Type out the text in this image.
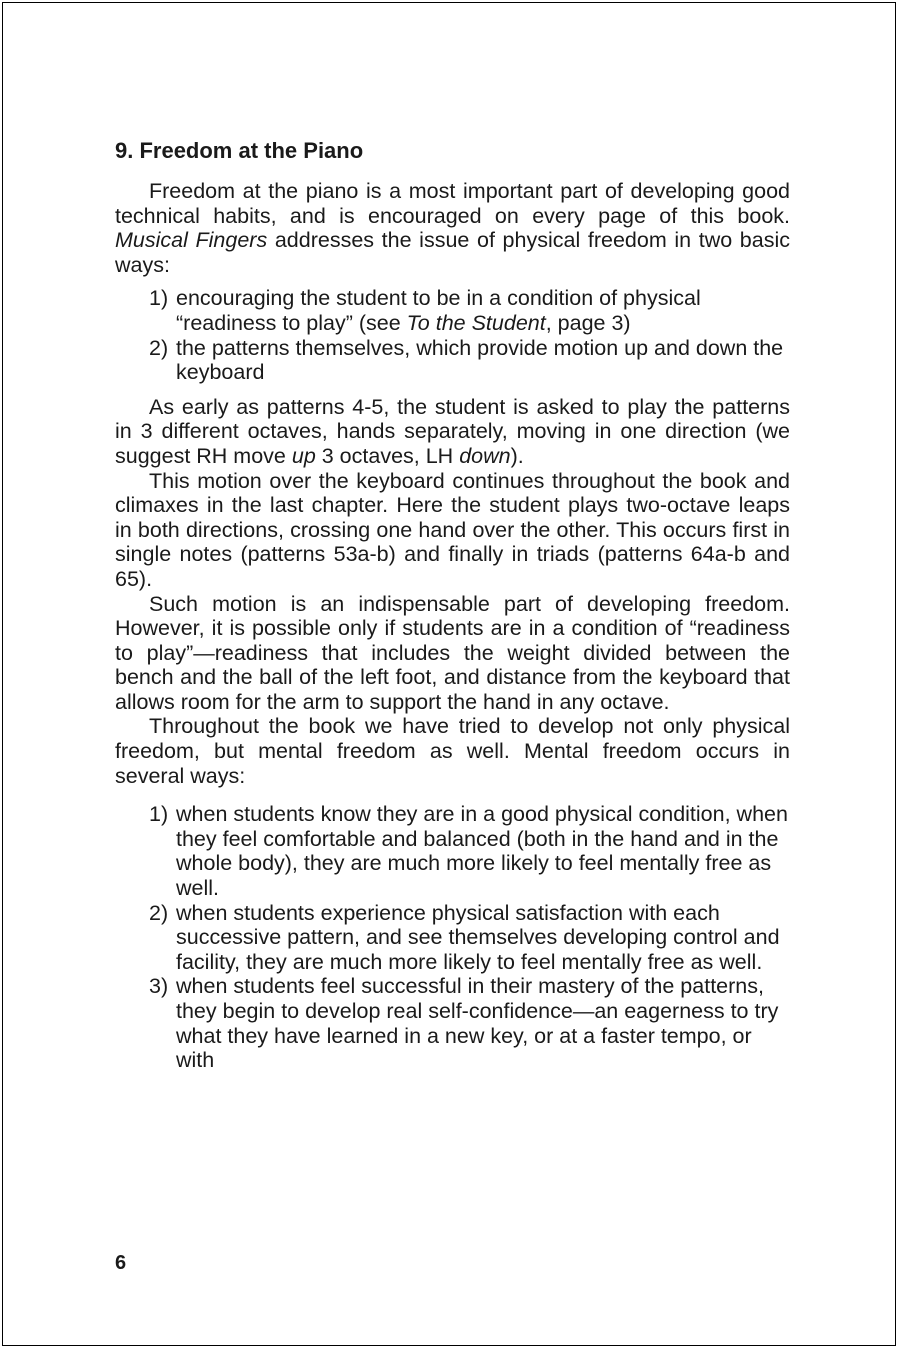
9. Freedom at the Piano

Freedom at the piano is a most important part of developing good technical habits, and is encouraged on every page of this book. Musical Fingers addresses the issue of physical freedom in two basic ways:

1) encouraging the student to be in a condition of physical “readiness to play” (see To the Student, page 3)
2) the patterns themselves, which provide motion up and down the keyboard

As early as patterns 4-5, the student is asked to play the patterns in 3 different octaves, hands separately, moving in one direction (we suggest RH move up 3 octaves, LH down).

This motion over the keyboard continues throughout the book and climaxes in the last chapter. Here the student plays two-octave leaps in both directions, crossing one hand over the other. This occurs first in single notes (patterns 53a-b) and finally in triads (patterns 64a-b and 65).

Such motion is an indispensable part of developing freedom. However, it is possible only if students are in a condition of “readiness to play”—readiness that includes the weight divided between the bench and the ball of the left foot, and distance from the keyboard that allows room for the arm to support the hand in any octave.

Throughout the book we have tried to develop not only physical freedom, but mental freedom as well. Mental freedom occurs in several ways:

1) when students know they are in a good physical condition, when they feel comfortable and balanced (both in the hand and in the whole body), they are much more likely to feel mentally free as well.
2) when students experience physical satisfaction with each successive pattern, and see themselves developing control and facility, they are much more likely to feel mentally free as well.
3) when students feel successful in their mastery of the patterns, they begin to develop real self-confidence—an eagerness to try what they have learned in a new key, or at a faster tempo, or with
6
